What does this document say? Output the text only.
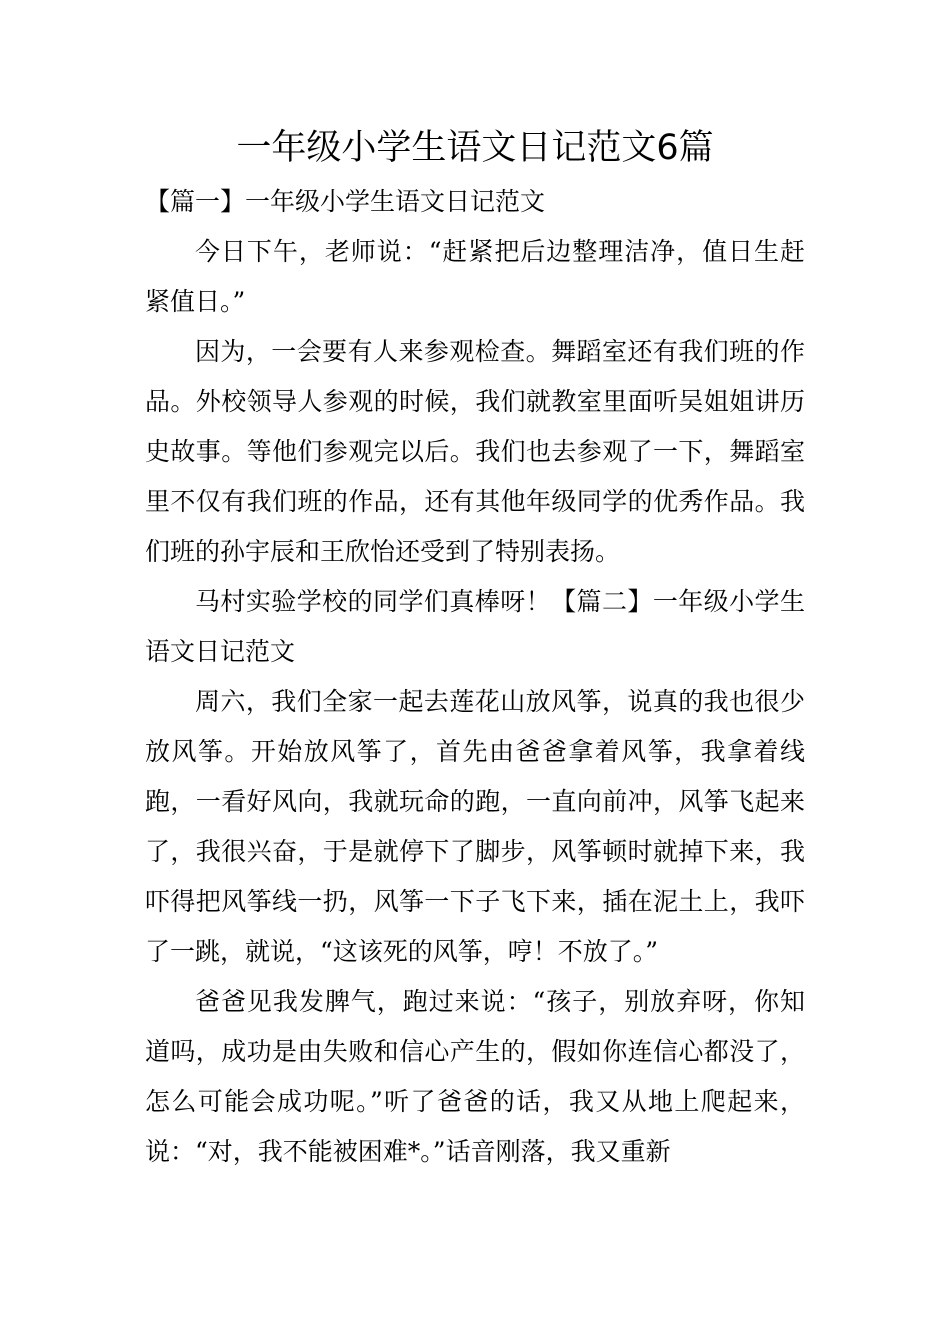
一年级小学生语文日记范文6篇

【篇一】一年级小学生语文日记范文

今日下午，老师说：“赶紧把后边整理洁净，值日生赶紧值日。”

因为，一会要有人来参观检查。舞蹈室还有我们班的作品。外校领导人参观的时候，我们就教室里面听吴姐姐讲历史故事。等他们参观完以后。我们也去参观了一下，舞蹈室里不仅有我们班的作品，还有其他年级同学的优秀作品。我们班的孙宇辰和王欣怡还受到了特别表扬。

马村实验学校的同学们真棒呀！【篇二】一年级小学生语文日记范文

周六，我们全家一起去莲花山放风筝，说真的我也很少放风筝。开始放风筝了，首先由爸爸拿着风筝，我拿着线跑，一看好风向，我就玩命的跑，一直向前冲，风筝飞起来了，我很兴奋，于是就停下了脚步，风筝顿时就掉下来，我吓得把风筝线一扔，风筝一下子飞下来，插在泥土上，我吓了一跳，就说，“这该死的风筝，哼！不放了。”

爸爸见我发脾气，跑过来说：“孩子，别放弃呀，你知道吗，成功是由失败和信心产生的，假如你连信心都没了，怎么可能会成功呢。”听了爸爸的话，我又从地上爬起来，说：“对，我不能被困难*。”话音刚落，我又重新
